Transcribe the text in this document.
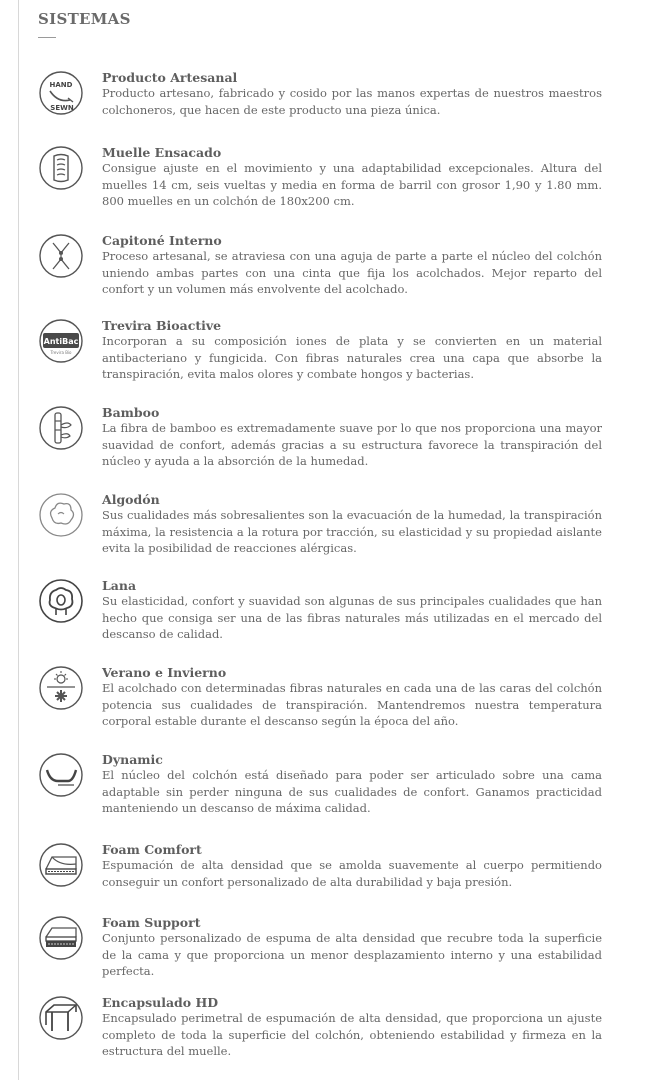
SISTEMAS
HAND
SEWN

Producto Artesanal

Producto artesano, fabricado y cosido por las manos expertas de nuestros maestros colchoneros, que hacen de este producto una pieza única.

Muelle Ensacado

Consigue ajuste en el movimiento y una adaptabilidad excepcionales. Altura del muelles 14 cm, seis vueltas y media en forma de barril con grosor 1,90 y 1.80 mm. 800 muelles en un colchón de 180x200 cm.

Capitoné Interno

Proceso artesanal, se atraviesa con una aguja de parte a parte el núcleo del colchón uniendo ambas partes con una cinta que fija los acolchados. Mejor reparto del confort y un volumen más envolvente del acolchado.

AntiBac
Trevira Bio

Trevira Bioactive

Incorporan a su composición iones de plata y se convierten en un material antibacteriano y fungicida. Con fibras naturales crea una capa que absorbe la transpiración, evita malos olores y combate hongos y bacterias.

Bamboo

La fibra de bamboo es extremadamente suave por lo que nos proporciona una mayor suavidad de confort, además gracias a su estructura favorece la transpiración del núcleo y ayuda a la absorción de la humedad.

Algodón

Sus cualidades más sobresalientes son la evacuación de la humedad, la transpiración máxima, la resistencia a la rotura por tracción, su elasticidad y su propiedad aislante evita la posibilidad de reacciones alérgicas.

Lana

Su elasticidad, confort y suavidad son algunas de sus principales cualidades que han hecho que consiga ser una de las fibras naturales más utilizadas en el mercado del descanso de calidad.

Verano e Invierno

El acolchado con determinadas fibras naturales en cada una de las caras del colchón potencia sus cualidades de transpiración. Mantendremos nuestra temperatura corporal estable durante el descanso según la época del año.

Dynamic

El núcleo del colchón está diseñado para poder ser articulado sobre una cama adaptable sin perder ninguna de sus cualidades de confort. Ganamos practicidad manteniendo un descanso de máxima calidad.

Foam Comfort

Espumación de alta densidad que se amolda suavemente al cuerpo permitiendo conseguir un confort personalizado de alta durabilidad y baja presión.

Foam Support

Conjunto personalizado de espuma de alta densidad que recubre toda la superficie de la cama y que proporciona un menor desplazamiento interno y una estabilidad perfecta.

Encapsulado HD

Encapsulado perimetral de espumación de alta densidad, que proporciona un ajuste completo de toda la superficie del colchón, obteniendo estabilidad y firmeza en la estructura del muelle.
